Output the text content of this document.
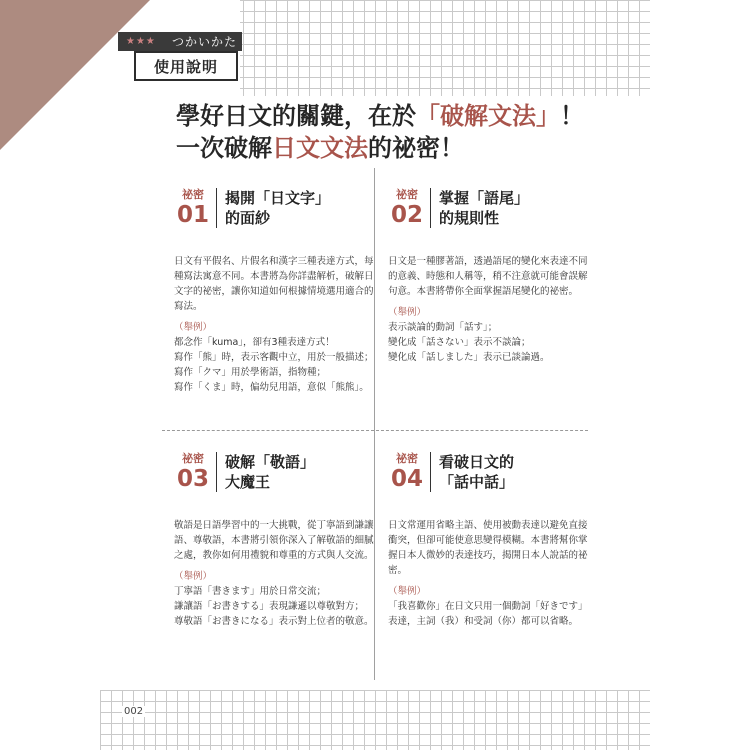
★★★	つかいかた
使用說明
學好日文的關鍵，在於「破解文法」！
一次破解日文文法的祕密！
祕密
01
揭開「日文字」
的面紗
日文有平假名、片假名和漢字三種表達方式，每種寫法寓意不同。本書將為你詳盡解析，破解日文字的祕密，讓你知道如何根據情境選用適合的寫法。
（舉例）
都念作「kuma」，卻有3種表達方式！
寫作「熊」時，表示客觀中立，用於一般描述；
寫作「クマ」用於學術語，指物種；
寫作「くま」時，偏幼兒用語，意似「熊熊」。
祕密
02
掌握「語尾」
的規則性
日文是一種膠著語，透過語尾的變化來表達不同的意義、時態和人稱等，稍不注意就可能會誤解句意。本書將帶你全面掌握語尾變化的祕密。
（舉例）
表示談論的動詞「話す」；
變化成「話さない」表示不談論；
變化成「話しました」表示已談論過。
祕密
03
破解「敬語」
大魔王
敬語是日語學習中的一大挑戰，從丁寧語到謙讓語、尊敬語，本書將引領你深入了解敬語的細膩之處，教你如何用禮貌和尊重的方式與人交流。
（舉例）
丁寧語「書きます」用於日常交流；
謙讓語「お書きする」表現謙遜以尊敬對方；
尊敬語「お書きになる」表示對上位者的敬意。
祕密
04
看破日文的
「話中話」
日文常運用省略主語、使用被動表達以避免直接衝突，但卻可能使意思變得模糊。本書將幫你掌握日本人微妙的表達技巧，揭開日本人說話的祕密。
（舉例）
「我喜歡你」在日文只用一個動詞「好きです」表達，主詞（我）和受詞（你）都可以省略。
002
